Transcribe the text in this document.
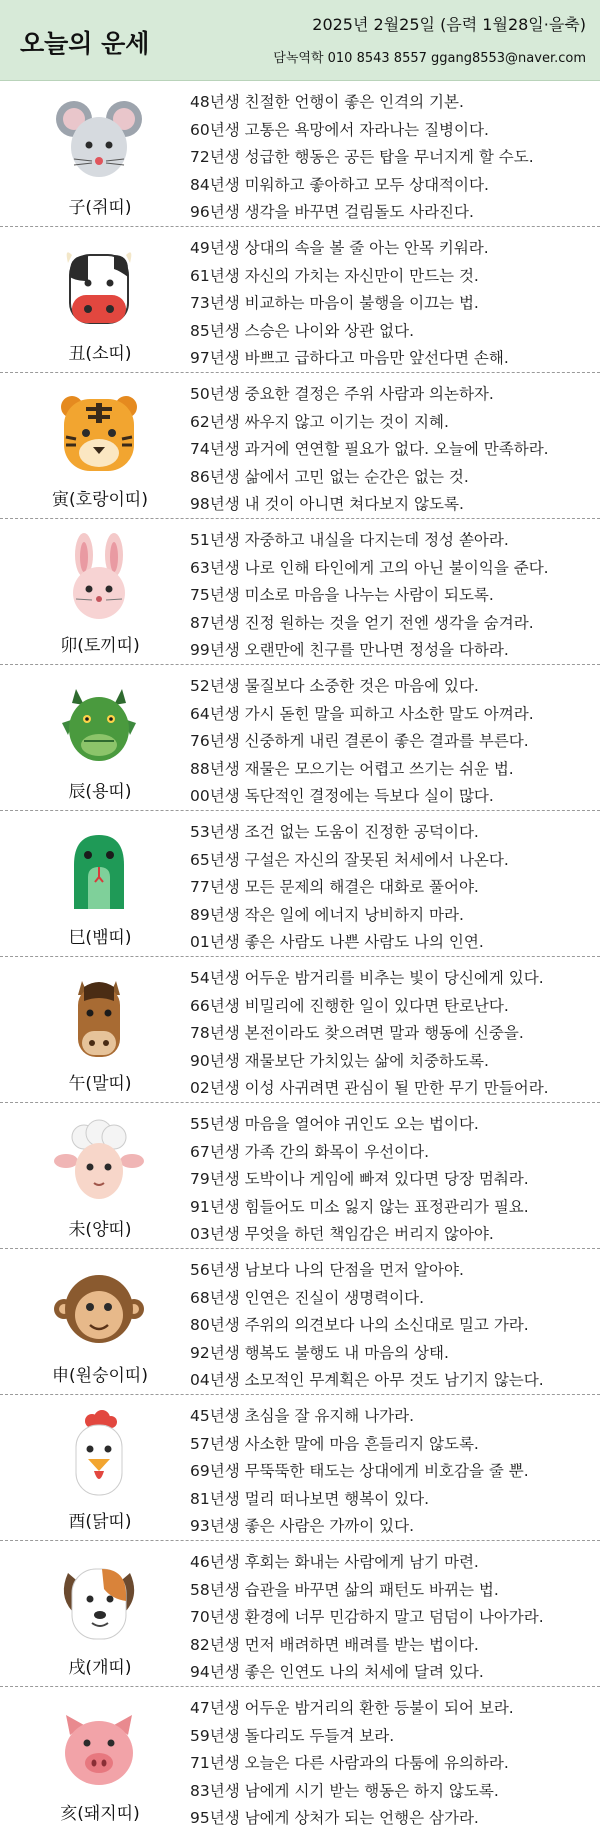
오늘의 운세
2025년 2월25일 (음력 1월28일·을축)
담녹역학 010 8543 8557 ggang8553@naver.com
子(쥐띠)
48년생 친절한 언행이 좋은 인격의 기본.
60년생 고통은 욕망에서 자라나는 질병이다.
72년생 성급한 행동은 공든 탑을 무너지게 할 수도.
84년생 미워하고 좋아하고 모두 상대적이다.
96년생 생각을 바꾸면 걸림돌도 사라진다.
丑(소띠)
49년생 상대의 속을 볼 줄 아는 안목 키워라.
61년생 자신의 가치는 자신만이 만드는 것.
73년생 비교하는 마음이 불행을 이끄는 법.
85년생 스승은 나이와 상관 없다.
97년생 바쁘고 급하다고 마음만 앞선다면 손해.
寅(호랑이띠)
50년생 중요한 결정은 주위 사람과 의논하자.
62년생 싸우지 않고 이기는 것이 지혜.
74년생 과거에 연연할 필요가 없다. 오늘에 만족하라.
86년생 삶에서 고민 없는 순간은 없는 것.
98년생 내 것이 아니면 쳐다보지 않도록.
卯(토끼띠)
51년생 자중하고 내실을 다지는데 정성 쏟아라.
63년생 나로 인해 타인에게 고의 아닌 불이익을 준다.
75년생 미소로 마음을 나누는 사람이 되도록.
87년생 진정 원하는 것을 얻기 전엔 생각을 숨겨라.
99년생 오랜만에 친구를 만나면 정성을 다하라.
辰(용띠)
52년생 물질보다 소중한 것은 마음에 있다.
64년생 가시 돋힌 말을 피하고 사소한 말도 아껴라.
76년생 신중하게 내린 결론이 좋은 결과를 부른다.
88년생 재물은 모으기는 어렵고 쓰기는 쉬운 법.
00년생 독단적인 결정에는 득보다 실이 많다.
巳(뱀띠)
53년생 조건 없는 도움이 진정한 공덕이다.
65년생 구설은 자신의 잘못된 처세에서 나온다.
77년생 모든 문제의 해결은 대화로 풀어야.
89년생 작은 일에 에너지 낭비하지 마라.
01년생 좋은 사람도 나쁜 사람도 나의 인연.
午(말띠)
54년생 어두운 밤거리를 비추는 빛이 당신에게 있다.
66년생 비밀리에 진행한 일이 있다면 탄로난다.
78년생 본전이라도 찾으려면 말과 행동에 신중을.
90년생 재물보단 가치있는 삶에 치중하도록.
02년생 이성 사귀려면 관심이 될 만한 무기 만들어라.
未(양띠)
55년생 마음을 열어야 귀인도 오는 법이다.
67년생 가족 간의 화목이 우선이다.
79년생 도박이나 게임에 빠져 있다면 당장 멈춰라.
91년생 힘들어도 미소 잃지 않는 표정관리가 필요.
03년생 무엇을 하던 책임감은 버리지 않아야.
申(원숭이띠)
56년생 남보다 나의 단점을 먼저 알아야.
68년생 인연은 진실이 생명력이다.
80년생 주위의 의견보다 나의 소신대로 밀고 가라.
92년생 행복도 불행도 내 마음의 상태.
04년생 소모적인 무계획은 아무 것도 남기지 않는다.
酉(닭띠)
45년생 초심을 잘 유지해 나가라.
57년생 사소한 말에 마음 흔들리지 않도록.
69년생 무뚝뚝한 태도는 상대에게 비호감을 줄 뿐.
81년생 멀리 떠나보면 행복이 있다.
93년생 좋은 사람은 가까이 있다.
戌(개띠)
46년생 후회는 화내는 사람에게 남기 마련.
58년생 습관을 바꾸면 삶의 패턴도 바뀌는 법.
70년생 환경에 너무 민감하지 말고 덤덤이 나아가라.
82년생 먼저 배려하면 배려를 받는 법이다.
94년생 좋은 인연도 나의 처세에 달려 있다.
亥(돼지띠)
47년생 어두운 밤거리의 환한 등불이 되어 보라.
59년생 돌다리도 두들겨 보라.
71년생 오늘은 다른 사람과의 다툼에 유의하라.
83년생 남에게 시기 받는 행동은 하지 않도록.
95년생 남에게 상처가 되는 언행은 삼가라.
